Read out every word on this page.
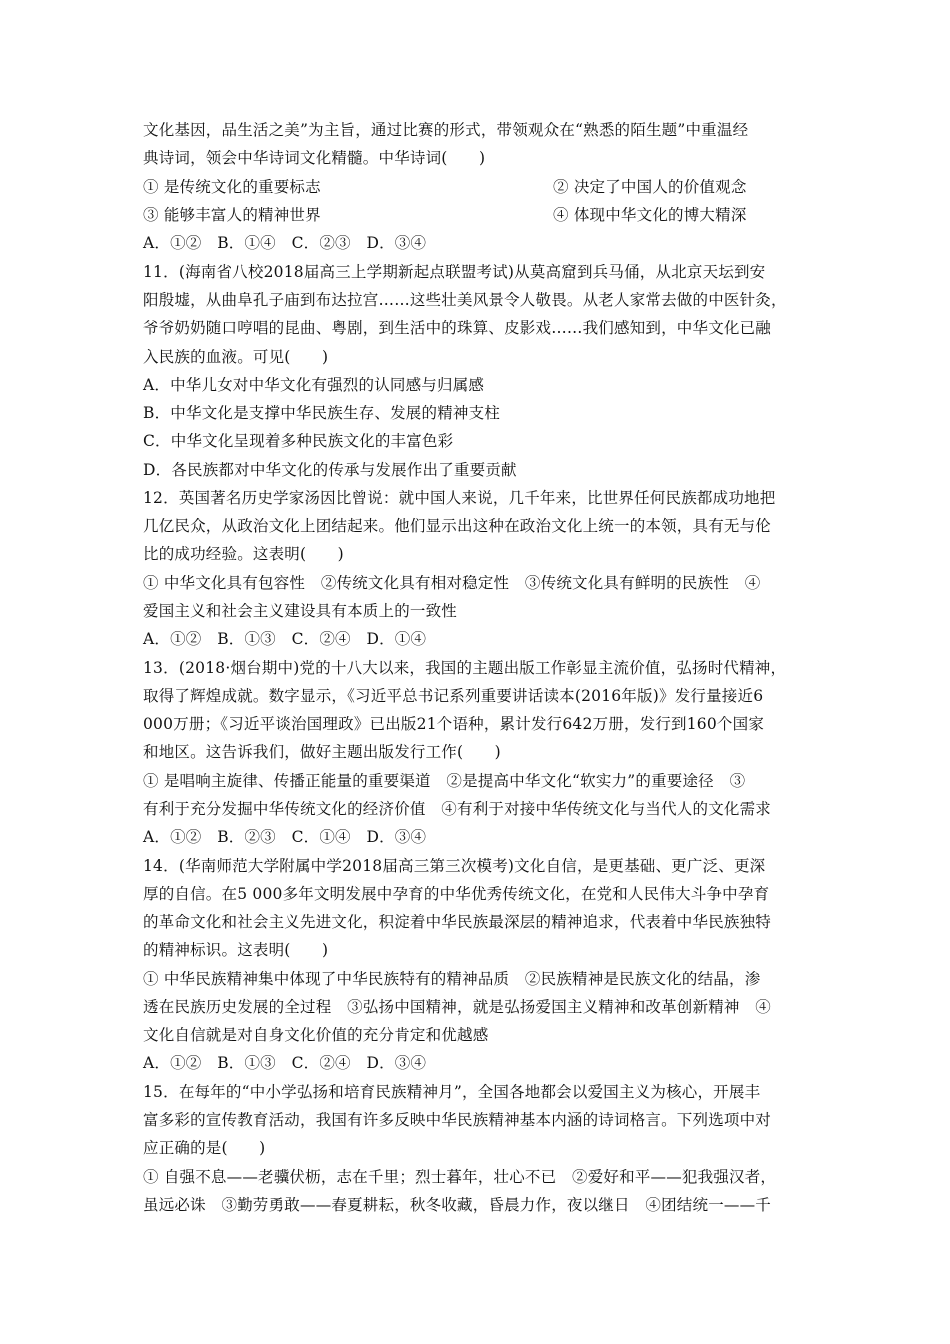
文化基因，品生活之美”为主旨，通过比赛的形式，带领观众在“熟悉的陌生题”中重温经
典诗词，领会中华诗词文化精髓。中华诗词(　　)
① 是传统文化的重要标志	② 决定了中国人的价值观念
③ 能够丰富人的精神世界	④ 体现中华文化的博大精深
A．①②　B．①④　C．②③　D．③④
11．(海南省八校2018届高三上学期新起点联盟考试)从莫高窟到兵马俑，从北京天坛到安
阳殷墟，从曲阜孔子庙到布达拉宫……这些壮美风景令人敬畏。从老人家常去做的中医针灸，
爷爷奶奶随口哼唱的昆曲、粤剧，到生活中的珠算、皮影戏……我们感知到，中华文化已融
入民族的血液。可见(　　)
A．中华儿女对中华文化有强烈的认同感与归属感
B．中华文化是支撑中华民族生存、发展的精神支柱
C．中华文化呈现着多种民族文化的丰富色彩
D．各民族都对中华文化的传承与发展作出了重要贡献
12．英国著名历史学家汤因比曾说：就中国人来说，几千年来，比世界任何民族都成功地把
几亿民众，从政治文化上团结起来。他们显示出这种在政治文化上统一的本领，具有无与伦
比的成功经验。这表明(　　)
① 中华文化具有包容性　②传统文化具有相对稳定性　③传统文化具有鲜明的民族性　④
爱国主义和社会主义建设具有本质上的一致性
A．①②　B．①③　C．②④　D．①④
13．(2018·烟台期中)党的十八大以来，我国的主题出版工作彰显主流价值，弘扬时代精神，
取得了辉煌成就。数字显示，《习近平总书记系列重要讲话读本(2016年版)》发行量接近6
000万册；《习近平谈治国理政》已出版21个语种，累计发行642万册，发行到160个国家
和地区。这告诉我们，做好主题出版发行工作(　　)
① 是唱响主旋律、传播正能量的重要渠道　②是提高中华文化“软实力”的重要途径　③
有利于充分发掘中华传统文化的经济价值　④有利于对接中华传统文化与当代人的文化需求
A．①②　B．②③　C．①④　D．③④
14．(华南师范大学附属中学2018届高三第三次模考)文化自信，是更基础、更广泛、更深
厚的自信。在5 000多年文明发展中孕育的中华优秀传统文化，在党和人民伟大斗争中孕育
的革命文化和社会主义先进文化，积淀着中华民族最深层的精神追求，代表着中华民族独特
的精神标识。这表明(　　)
① 中华民族精神集中体现了中华民族特有的精神品质　②民族精神是民族文化的结晶，渗
透在民族历史发展的全过程　③弘扬中国精神，就是弘扬爱国主义精神和改革创新精神　④
文化自信就是对自身文化价值的充分肯定和优越感
A．①②　B．①③　C．②④　D．③④
15．在每年的“中小学弘扬和培育民族精神月”，全国各地都会以爱国主义为核心，开展丰
富多彩的宣传教育活动，我国有许多反映中华民族精神基本内涵的诗词格言。下列选项中对
应正确的是(　　)
① 自强不息——老骥伏枥，志在千里；烈士暮年，壮心不已　②爱好和平——犯我强汉者，
虽远必诛　③勤劳勇敢——春夏耕耘，秋冬收藏，昏晨力作，夜以继日　④团结统一——千
